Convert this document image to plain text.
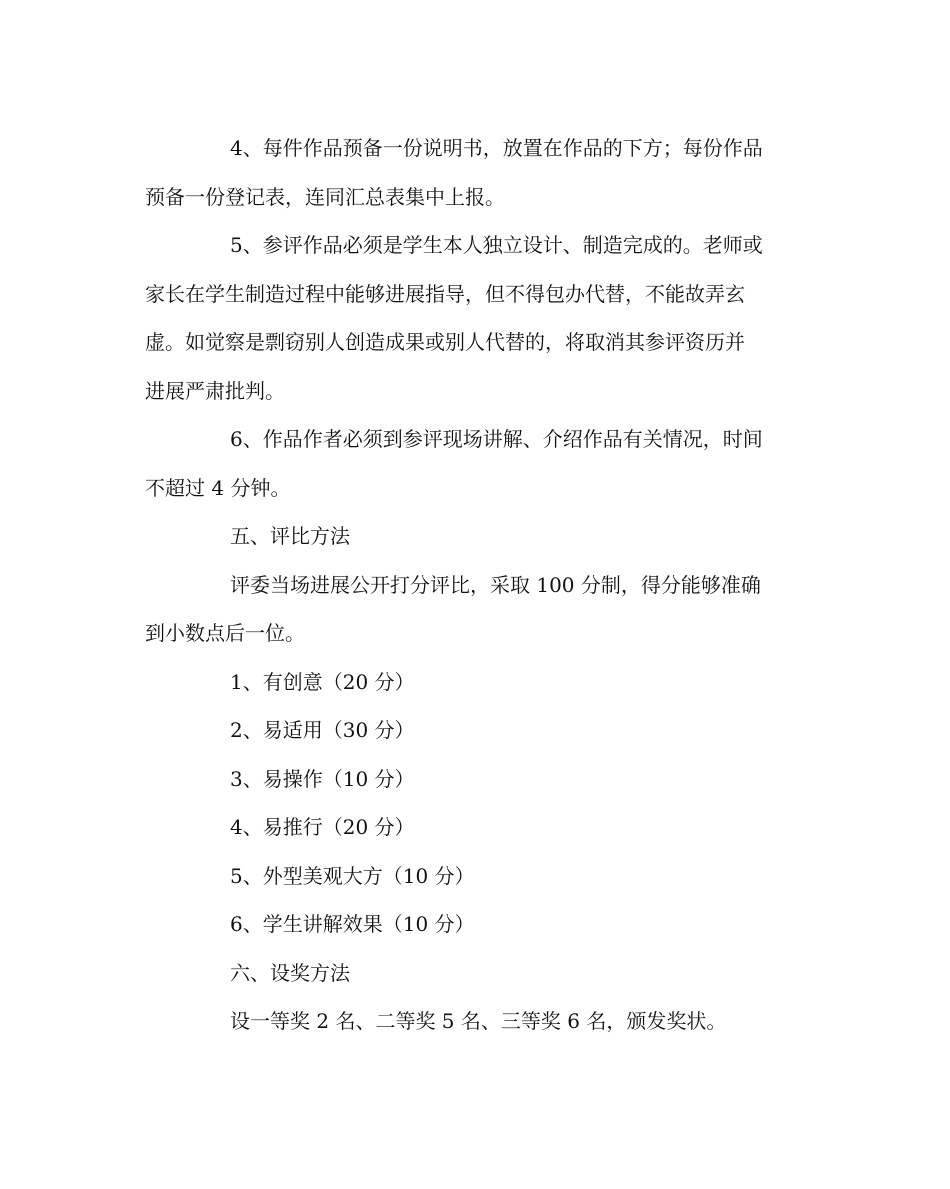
4、每件作品预备一份说明书，放置在作品的下方；每份作品
预备一份登记表，连同汇总表集中上报。
5、参评作品必须是学生本人独立设计、制造完成的。老师或
家长在学生制造过程中能够进展指导，但不得包办代替，不能故弄玄
虚。如觉察是剽窃别人创造成果或别人代替的，将取消其参评资历并
进展严肃批判。
6、作品作者必须到参评现场讲解、介绍作品有关情况，时间
不超过 4 分钟。
五、评比方法
评委当场进展公开打分评比，采取 100 分制，得分能够准确
到小数点后一位。
1、有创意（20 分）
2、易适用（30 分）
3、易操作（10 分）
4、易推行（20 分）
5、外型美观大方（10 分）
6、学生讲解效果（10 分）
六、设奖方法
设一等奖 2 名、二等奖 5 名、三等奖 6 名，颁发奖状。
